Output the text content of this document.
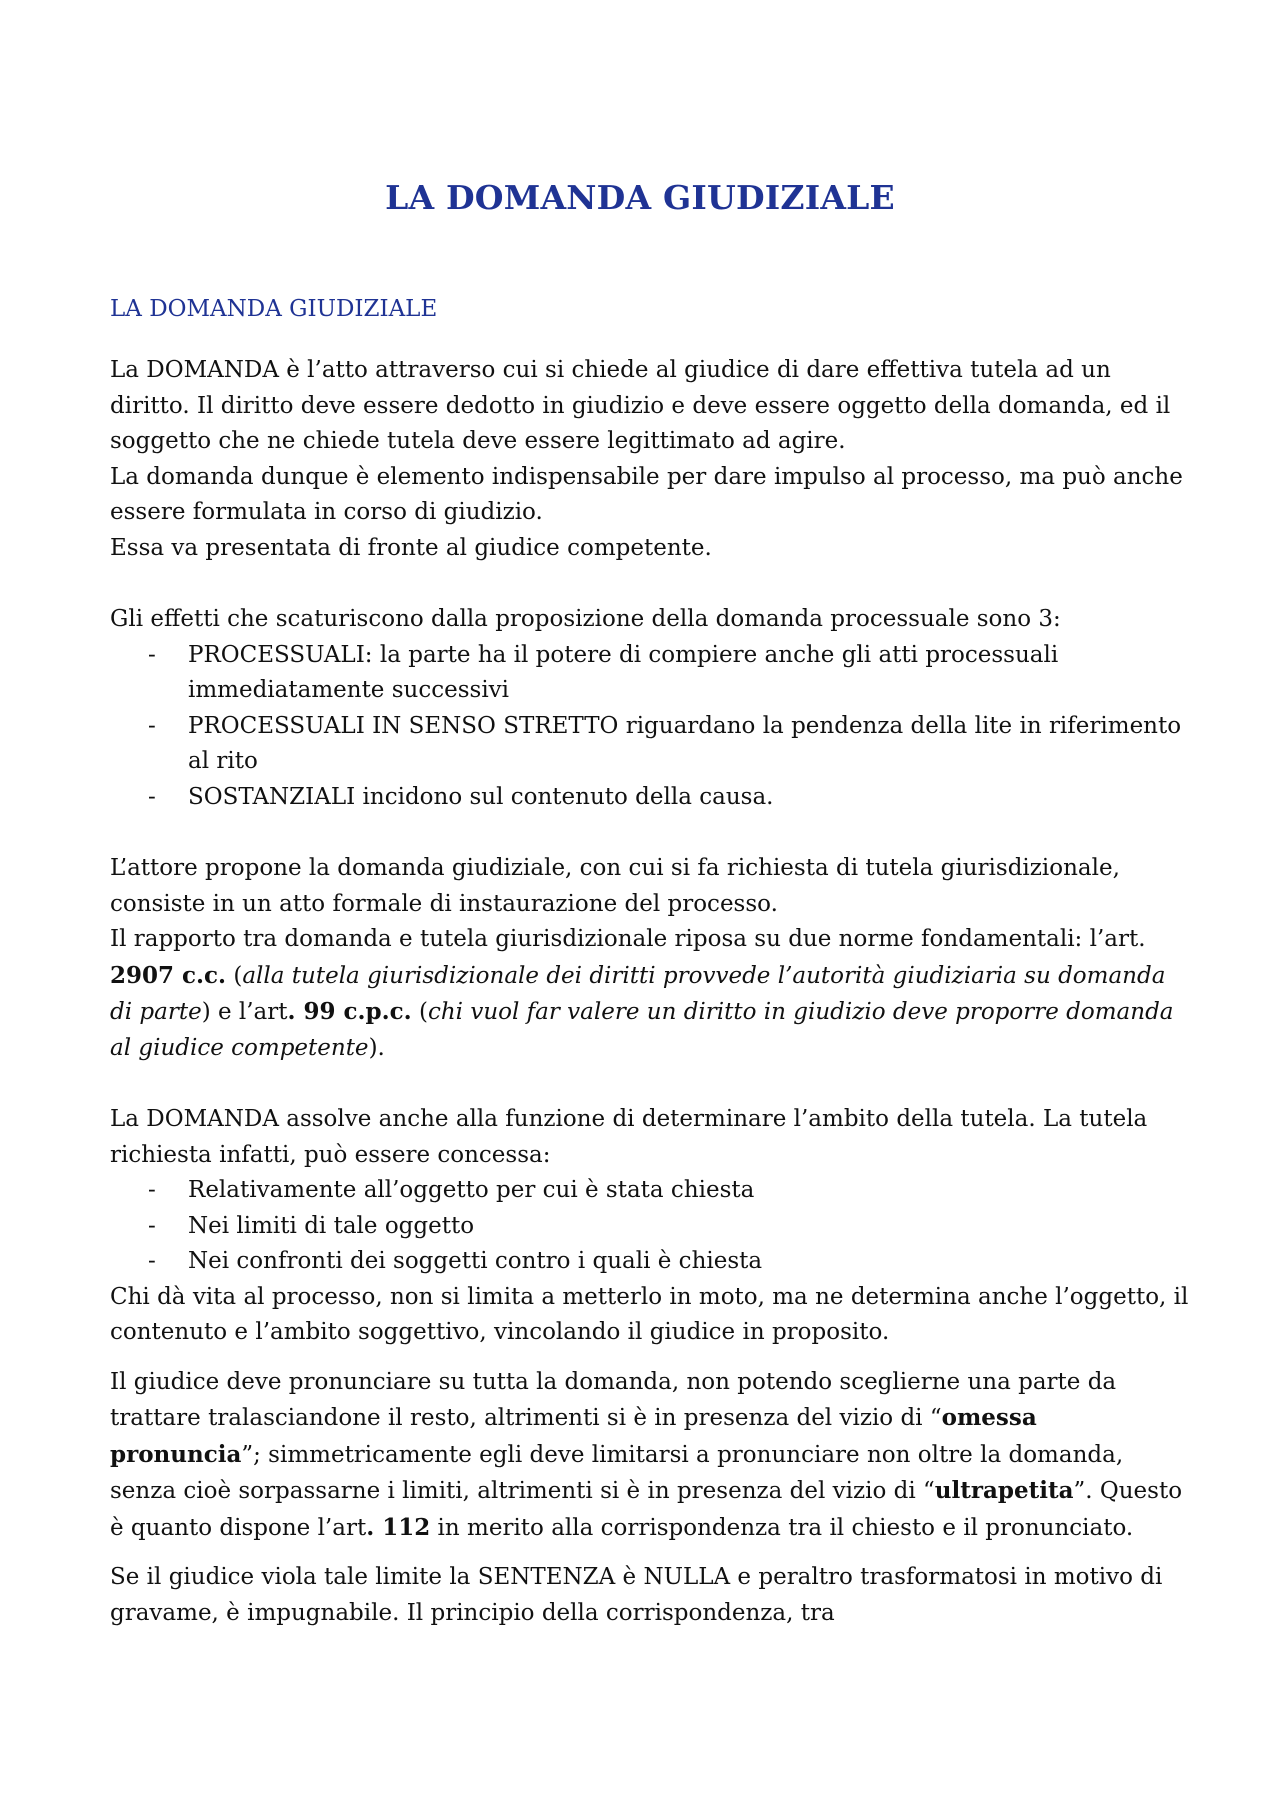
LA DOMANDA GIUDIZIALE
LA DOMANDA GIUDIZIALE

La DOMANDA è l’atto attraverso cui si chiede al giudice di dare effettiva tutela ad un diritto. Il diritto deve essere dedotto in giudizio e deve essere oggetto della domanda, ed il soggetto che ne chiede tutela deve essere legittimato ad agire.
La domanda dunque è elemento indispensabile per dare impulso al processo, ma può anche essere formulata in corso di giudizio.
Essa va presentata di fronte al giudice competente.

Gli effetti che scaturiscono dalla proposizione della domanda processuale sono 3:

- PROCESSUALI: la parte ha il potere di compiere anche gli atti processuali immediatamente successivi
- PROCESSUALI IN SENSO STRETTO riguardano la pendenza della lite in riferimento al rito
- SOSTANZIALI incidono sul contenuto della causa.

L’attore propone la domanda giudiziale, con cui si fa richiesta di tutela giurisdizionale, consiste in un atto formale di instaurazione del processo.
Il rapporto tra domanda e tutela giurisdizionale riposa su due norme fondamentali: l’art. 2907 c.c. (alla tutela giurisdizionale dei diritti provvede l’autorità giudiziaria su domanda di parte) e l’art. 99 c.p.c. (chi vuol far valere un diritto in giudizio deve proporre domanda al giudice competente).

La DOMANDA assolve anche alla funzione di determinare l’ambito della tutela. La tutela richiesta infatti, può essere concessa:

- Relativamente all’oggetto per cui è stata chiesta
- Nei limiti di tale oggetto
- Nei confronti dei soggetti contro i quali è chiesta

Chi dà vita al processo, non si limita a metterlo in moto, ma ne determina anche l’oggetto, il contenuto e l’ambito soggettivo, vincolando il giudice in proposito.

Il giudice deve pronunciare su tutta la domanda, non potendo sceglierne una parte da trattare tralasciandone il resto, altrimenti si è in presenza del vizio di “omessa pronuncia”; simmetricamente egli deve limitarsi a pronunciare non oltre la domanda, senza cioè sorpassarne i limiti, altrimenti si è in presenza del vizio di “ultrapetita”. Questo è quanto dispone l’art. 112 in merito alla corrispondenza tra il chiesto e il pronunciato.

Se il giudice viola tale limite la SENTENZA è NULLA e peraltro trasformatosi in motivo di gravame, è impugnabile. Il principio della corrispondenza, tra
